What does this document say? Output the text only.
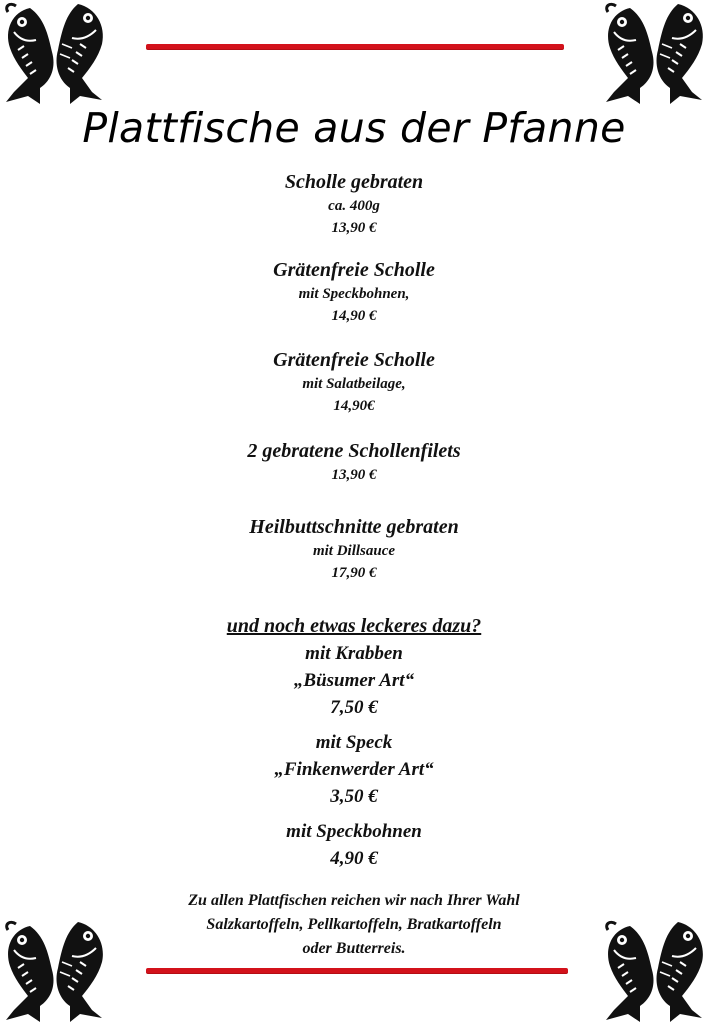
Plattfische aus der Pfanne
Scholle gebraten
ca. 400g
13,90 €
Grätenfreie Scholle
mit Speckbohnen,
14,90 €
Grätenfreie Scholle
mit Salatbeilage,
14,90€
2 gebratene Schollenfilets
13,90 €
Heilbuttschnitte gebraten
mit Dillsauce
17,90 €
und noch etwas leckeres dazu?
mit Krabben
„Büsumer Art“
7,50 €
mit Speck
„Finkenwerder Art“
3,50 €
mit Speckbohnen
4,90 €
Zu allen Plattfischen reichen wir nach Ihrer Wahl
Salzkartoffeln, Pellkartoffeln, Bratkartoffeln
oder Butterreis.
